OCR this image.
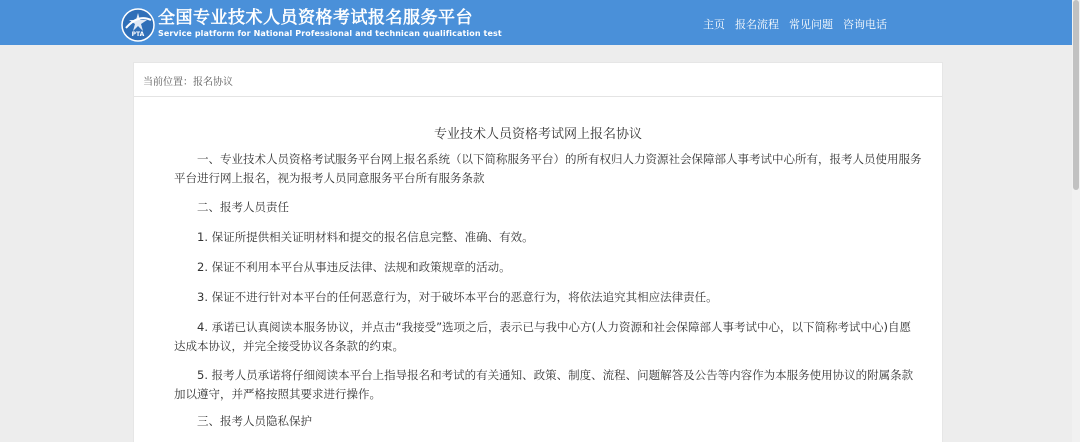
PTA
全国专业技术人员资格考试报名服务平台
Service platform for National Professional and technican qualification test
主页 报名流程 常见问题 咨询电话
当前位置：报名协议
专业技术人员资格考试网上报名协议

一、专业技术人员资格考试服务平台网上报名系统（以下简称服务平台）的所有权归人力资源社会保障部人事考试中心所有，报考人员使用服务平台进行网上报名，视为报考人员同意服务平台所有服务条款

二、报考人员责任

1. 保证所提供相关证明材料和提交的报名信息完整、准确、有效。

2. 保证不利用本平台从事违反法律、法规和政策规章的活动。

3. 保证不进行针对本平台的任何恶意行为，对于破坏本平台的恶意行为，将依法追究其相应法律责任。

4. 承诺已认真阅读本服务协议，并点击“我接受”选项之后，表示已与我中心方(人力资源和社会保障部人事考试中心，以下简称考试中心)自愿达成本协议，并完全接受协议各条款的约束。

5. 报考人员承诺将仔细阅读本平台上指导报名和考试的有关通知、政策、制度、流程、问题解答及公告等内容作为本服务使用协议的附属条款加以遵守，并严格按照其要求进行操作。

三、报考人员隐私保护
